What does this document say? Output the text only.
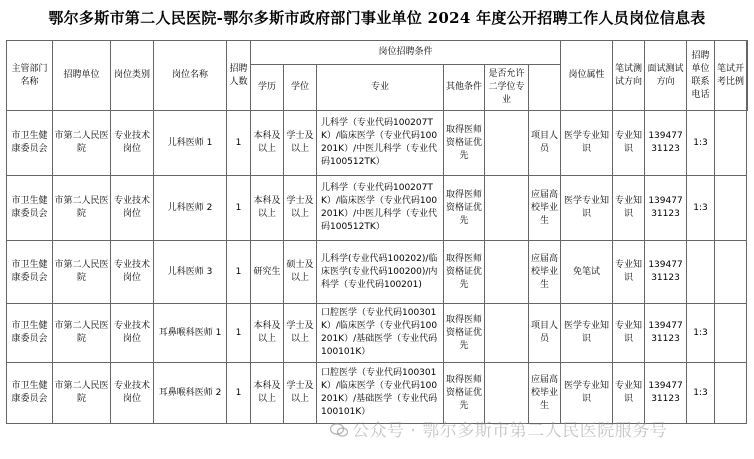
鄂尔多斯市第二人民医院-鄂尔多斯市政府部门事业单位 2024 年度公开招聘工作人员岗位信息表
主管部门名称	招聘单位	岗位类别	岗位名称	招聘人数	岗位招聘条件						岗位属性	笔试测试方向	面试测试方向	招聘单位联系电话	笔试开考比例	
					学历	学位	专业	其他条件	是否允许二学位专业							
市卫生健康委员会	市第二人民医院	专业技术岗位	儿科医师 1	1	本科及以上	学士及以上	儿科学（专业代码100207TK）/临床医学（专业代码100201K）/中医儿科学（专业代码100512TK）	取得医师资格证优先		项目人员	医学专业知识	专业知识	13947731123	1:3		
市卫生健康委员会	市第二人民医院	专业技术岗位	儿科医师 2	1	本科及以上	学士及以上	儿科学（专业代码100207TK）/临床医学（专业代码100201K）/中医儿科学（专业代码100512TK）	取得医师资格证优先		应届高校毕业生	医学专业知识	专业知识	13947731123	1:3		
市卫生健康委员会	市第二人民医院	专业技术岗位	儿科医师 3	1	研究生	硕士及以上	儿科学(专业代码100202)/临床医学(专业代码100200)/内科学（专业代码100201)	取得医师资格证优先		应届高校毕业生	免笔试	专业知识	13947731123			
市卫生健康委员会	市第二人民医院	专业技术岗位	耳鼻喉科医师 1	1	本科及以上	学士及以上	口腔医学（专业代码100301K）/临床医学（专业代码100201K）/基础医学（专业代码100101K）	取得医师资格证优先		项目人员	医学专业知识	专业知识	13947731123	1:3		
市卫生健康委员会	市第二人民医院	专业技术岗位	耳鼻喉科医师 2	1	本科及以上	学士及以上	口腔医学（专业代码100301K）/临床医学（专业代码100201K）/基础医学（专业代码100101K）	取得医师资格证优先		应届高校毕业生	医学专业知识	专业知识	13947731123	1:3		
公众号 · 鄂尔多斯市第二人民医院服务号
